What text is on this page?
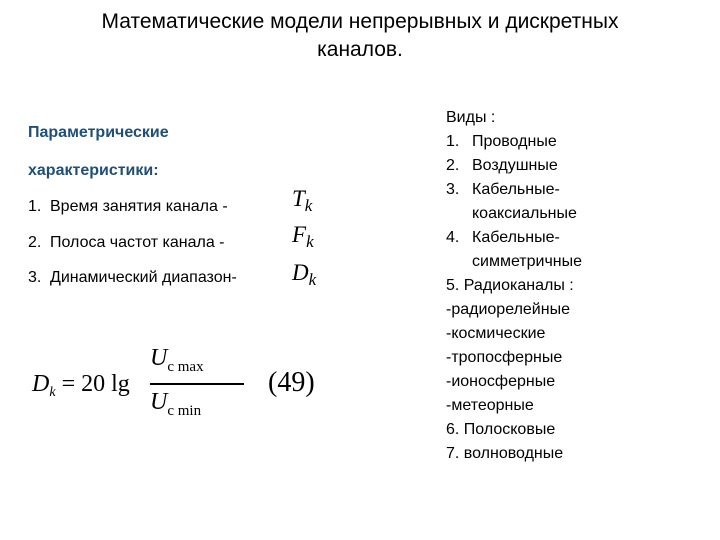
Математические модели непрерывных и дискретных
каналов.
Параметрические
характеристики:
1. Время занятия канала -
2. Полоса частот канала -
3. Динамический диапазон-
$T_k$
$F_k$
$D_k$
$D_k = 20$ lg
$U_{c max}$
$U_{c min}$
(49)
Виды :
1. Проводные
2. Воздушные
3. Кабельные-
коаксиальные
4. Кабельные-
симметричные
5. Радиоканалы :
-радиорелейные
-космические
-тропосферные
-ионосферные
-метеорные
6. Полосковые
7. волноводные
